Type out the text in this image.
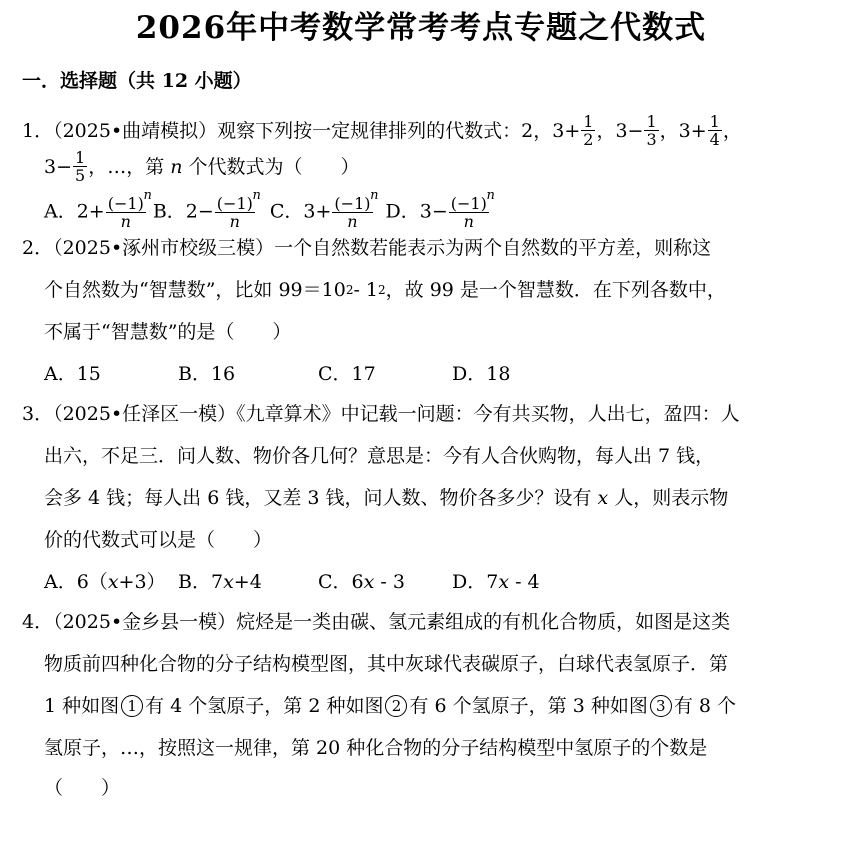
2026年中考数学常考考点专题之代数式
一．选择题（共 12 小题）
1．（2025•曲靖模拟）观察下列按一定规律排列的代数式：2，$3+ \frac{1}{2}$ ，$3- \frac{1}{3}$ ，$3+ \frac{1}{4}$ ，
$3- \frac{1}{5}$ ，…，第 n 个代数式为（　　）
A．$2+ \frac{(-1) n}{n}$ B．$2- \frac{(-1) n}{n}$ C．$3+ \frac{(-1) n}{n}$ D．$3- \frac{(-1) n}{n}$
2．（2025•涿州市校级三模）一个自然数若能表示为两个自然数的平方差，则称这
个自然数为“智慧数”，比如 99＝10 2 - 1 2 ，故 99 是一个智慧数．在下列各数中，
不属于“智慧数”的是（　　）
A．15	B．16	C．17	D．18
3．（2025•任泽区一模）《九章算术》中记载一问题：今有共买物，人出七，盈四：人
出六，不足三．问人数、物价各几何？意思是：今有人合伙购物，每人出 7 钱，
会多 4 钱；每人出 6 钱，又差 3 钱，问人数、物价各多少？设有 x 人，则表示物
价的代数式可以是（　　）
A．6（x+3） B．7x+4	C．6x - 3	D．7x - 4
4．（2025•金乡县一模）烷烃是一类由碳、氢元素组成的有机化合物质，如图是这类
物质前四种化合物的分子结构模型图，其中灰球代表碳原子，白球代表氢原子．第
1 种如图 1 有 4 个氢原子，第 2 种如图 2 有 6 个氢原子，第 3 种如图 3 有 8 个
氢原子，…，按照这一规律，第 20 种化合物的分子结构模型中氢原子的个数是
（　　）
